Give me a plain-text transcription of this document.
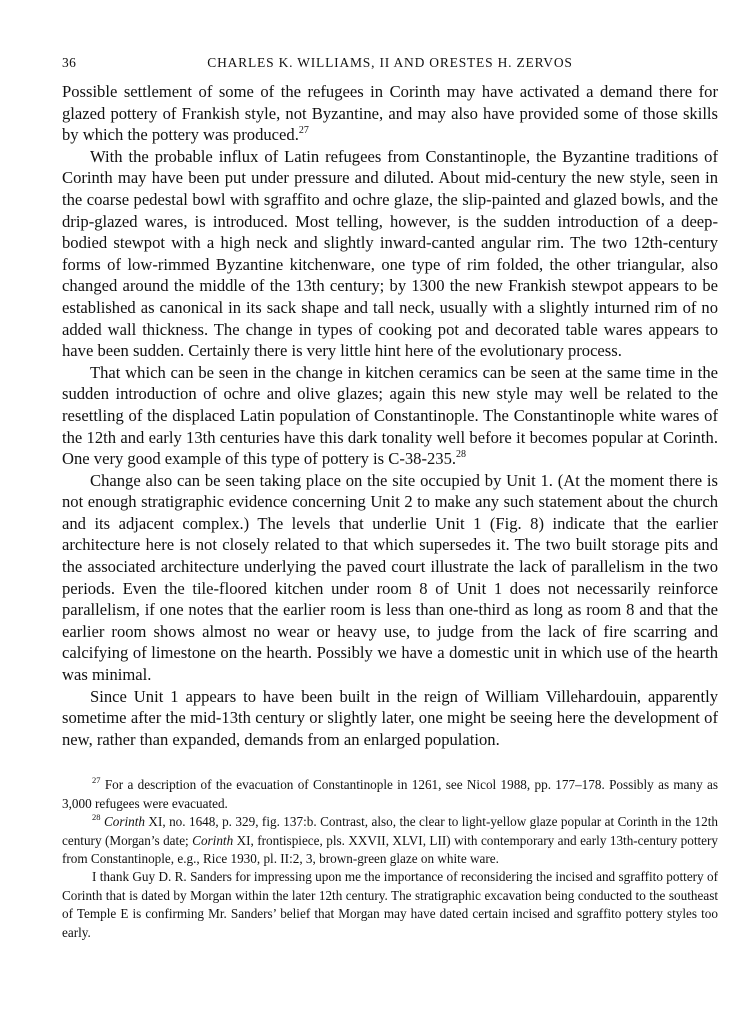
36	CHARLES K. WILLIAMS, II AND ORESTES H. ZERVOS

Possible settlement of some of the refugees in Corinth may have activated a demand there for glazed pottery of Frankish style, not Byzantine, and may also have provided some of those skills by which the pottery was produced.$^{27}$

With the probable influx of Latin refugees from Constantinople, the Byzantine traditions of Corinth may have been put under pressure and diluted. About mid-century the new style, seen in the coarse pedestal bowl with sgraffito and ochre glaze, the slip-painted and glazed bowls, and the drip-glazed wares, is introduced. Most telling, however, is the sudden introduction of a deep-bodied stewpot with a high neck and slightly inward-canted angular rim. The two 12th-century forms of low-rimmed Byzantine kitchenware, one type of rim folded, the other triangular, also changed around the middle of the 13th century; by 1300 the new Frankish stewpot appears to be established as canonical in its sack shape and tall neck, usually with a slightly inturned rim of no added wall thickness. The change in types of cooking pot and decorated table wares appears to have been sudden. Certainly there is very little hint here of the evolutionary process.

That which can be seen in the change in kitchen ceramics can be seen at the same time in the sudden introduction of ochre and olive glazes; again this new style may well be related to the resettling of the displaced Latin population of Constantinople. The Constantinople white wares of the 12th and early 13th centuries have this dark tonality well before it becomes popular at Corinth. One very good example of this type of pottery is C-38-235.28

Change also can be seen taking place on the site occupied by Unit 1. (At the moment there is not enough stratigraphic evidence concerning Unit 2 to make any such statement about the church and its adjacent complex.) The levels that underlie Unit 1 (Fig. 8) indicate that the earlier architecture here is not closely related to that which supersedes it. The two built storage pits and the associated architecture underlying the paved court illustrate the lack of parallelism in the two periods. Even the tile-floored kitchen under room 8 of Unit 1 does not necessarily reinforce parallelism, if one notes that the earlier room is less than one-third as long as room 8 and that the earlier room shows almost no wear or heavy use, to judge from the lack of fire scarring and calcifying of limestone on the hearth. Possibly we have a domestic unit in which use of the hearth was minimal.

Since Unit 1 appears to have been built in the reign of William Villehardouin, apparently sometime after the mid-13th century or slightly later, one might be seeing here the development of new, rather than expanded, demands from an enlarged population.

$^{27}$ For a description of the evacuation of Constantinople in 1261, see Nicol 1988, pp. 177–178. Possibly as many as 3,000 refugees were evacuated.

$^{28}$ Corinth XI, no. 1648, p. 329, fig. 137:b. Contrast, also, the clear to light-yellow glaze popular at Corinth in the 12th century (Morgan’s date; Corinth XI, frontispiece, pls. XXVII, XLVI, LII) with contemporary and early 13th-century pottery from Constantinople, e.g., Rice 1930, pl. II:2, 3, brown-green glaze on white ware.

I thank Guy D. R. Sanders for impressing upon me the importance of reconsidering the incised and sgraffito pottery of Corinth that is dated by Morgan within the later 12th century. The stratigraphic excavation being conducted to the southeast of Temple E is confirming Mr. Sanders’ belief that Morgan may have dated certain incised and sgraffito pottery styles too early.
